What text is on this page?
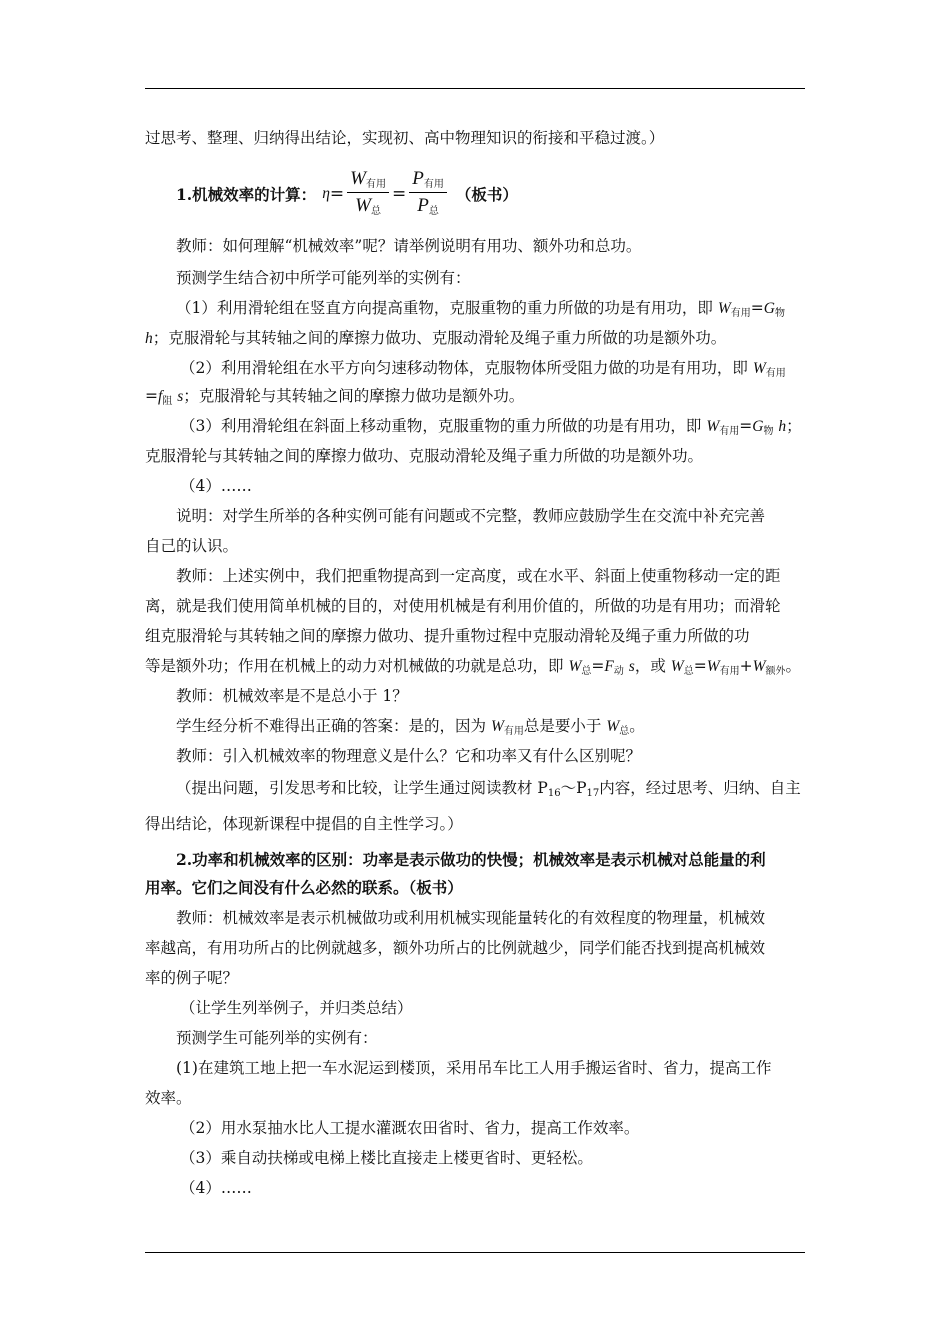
过思考、整理、归纳得出结论，实现初、高中物理知识的衔接和平稳过渡。）
1.机械效率的计算： $\eta= \frac{W_{有用}}{W_总} = \frac{P_{有用}}{P_总}$ （板书）
教师：如何理解“机械效率”呢？请举例说明有用功、额外功和总功。
预测学生结合初中所学可能列举的实例有：
（1）利用滑轮组在竖直方向提高重物，克服重物的重力所做的功是有用功，即 $W_{有用}=G_物$
h；克服滑轮与其转轴之间的摩擦力做功、克服动滑轮及绳子重力所做的功是额外功。
（2）利用滑轮组在水平方向匀速移动物体，克服物体所受阻力做的功是有用功，即 $W_{有用}$
$=f_阻$ s；克服滑轮与其转轴之间的摩擦力做功是额外功。
（3）利用滑轮组在斜面上移动重物，克服重物的重力所做的功是有用功，即 $W_{有用}=G_物$ h；
克服滑轮与其转轴之间的摩擦力做功、克服动滑轮及绳子重力所做的功是额外功。
（4）……
说明：对学生所举的各种实例可能有问题或不完整，教师应鼓励学生在交流中补充完善
自己的认识。
教师：上述实例中，我们把重物提高到一定高度，或在水平、斜面上使重物移动一定的距
离，就是我们使用简单机械的目的，对使用机械是有利用价值的，所做的功是有用功；而滑轮
组克服滑轮与其转轴之间的摩擦力做功、提升重物过程中克服动滑轮及绳子重力所做的功
等是额外功；作用在机械上的动力对机械做的功就是总功，即 $W_总=F_动$ s，或 $W_总=W_{有用}+W_{额外}$。
教师：机械效率是不是总小于 1？
学生经分析不难得出正确的答案：是的，因为 $W_{有用}$总是要小于 $W_总$。
教师：引入机械效率的物理意义是什么？它和功率又有什么区别呢？
（提出问题，引发思考和比较，让学生通过阅读教材 $P_{16}\sim P_{17}$内容，经过思考、归纳、自主
得出结论，体现新课程中提倡的自主性学习。）
2.功率和机械效率的区别：功率是表示做功的快慢；机械效率是表示机械对总能量的利
用率。它们之间没有什么必然的联系。（板书）
教师：机械效率是表示机械做功或利用机械实现能量转化的有效程度的物理量，机械效
率越高，有用功所占的比例就越多，额外功所占的比例就越少，同学们能否找到提高机械效
率的例子呢？
（让学生列举例子，并归类总结）
预测学生可能列举的实例有：
(1)在建筑工地上把一车水泥运到楼顶，采用吊车比工人用手搬运省时、省力，提高工作
效率。
（2）用水泵抽水比人工提水灌溉农田省时、省力，提高工作效率。
（3）乘自动扶梯或电梯上楼比直接走上楼更省时、更轻松。
（4）……
